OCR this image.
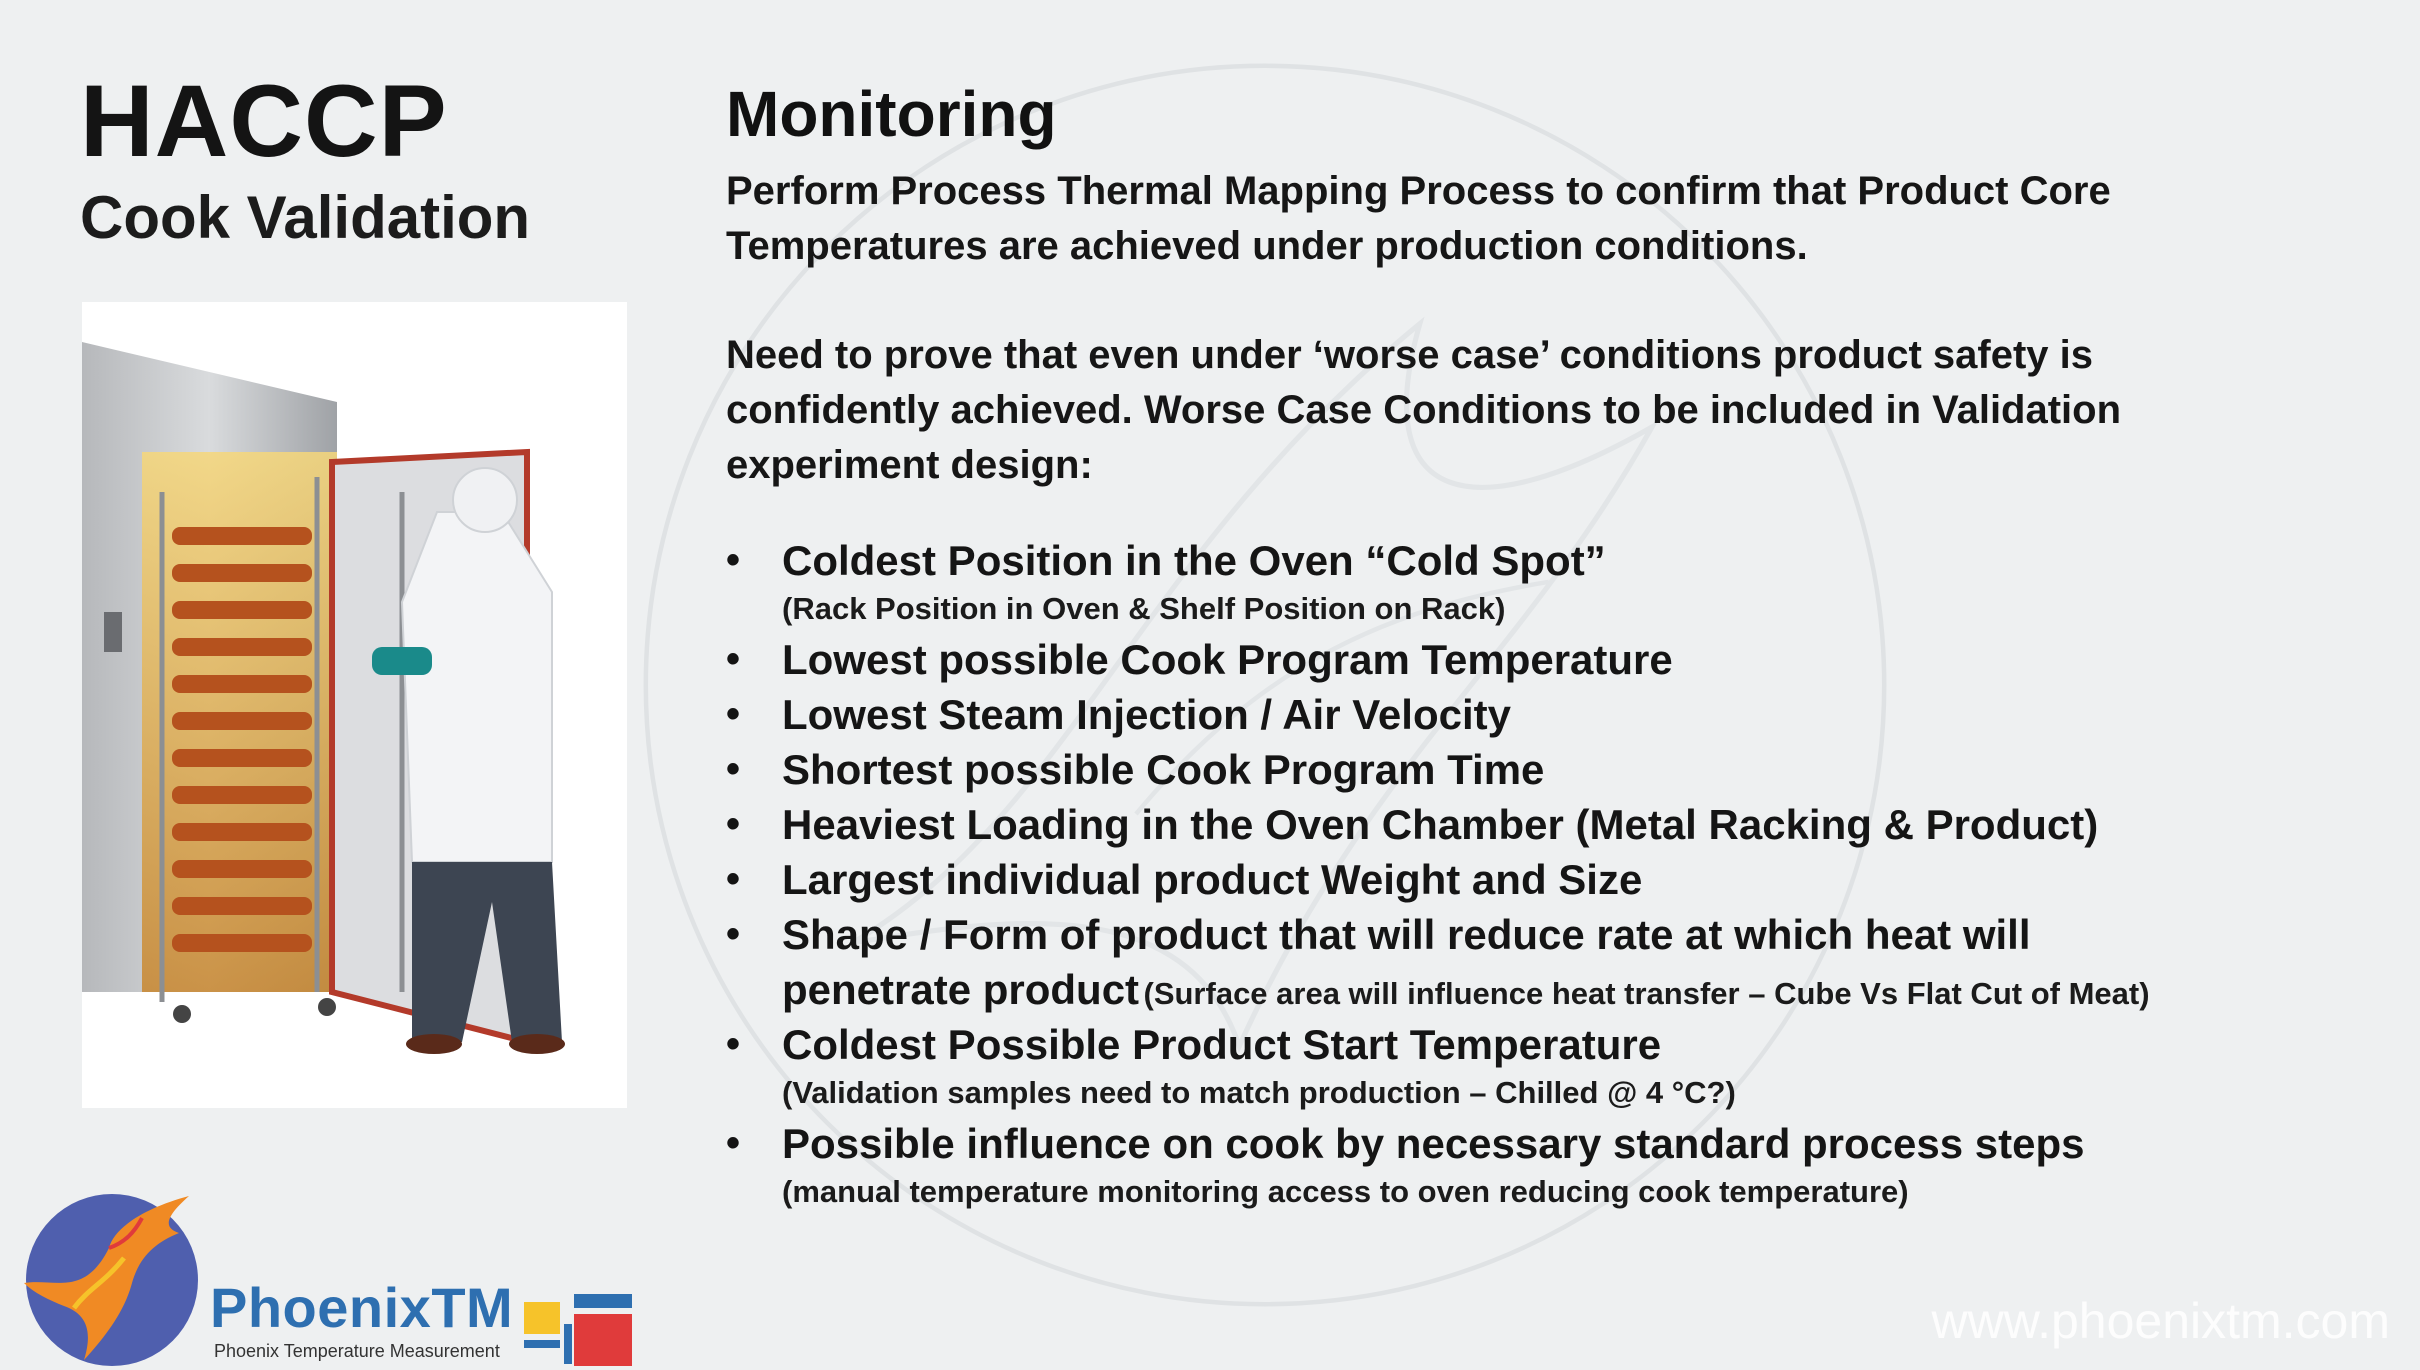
HACCP
Cook Validation
Monitoring

Perform Process Thermal Mapping Process to confirm that Product Core Temperatures are achieved under production conditions.

Need to prove that even under ‘worse case’ conditions product safety is confidently achieved. Worse Case Conditions to be included in Validation experiment design:

• Coldest Position in the Oven “Cold Spot”
(Rack Position in Oven & Shelf Position on Rack)
• Lowest possible Cook Program Temperature
• Lowest Steam Injection / Air Velocity
• Shortest possible Cook Program Time
• Heaviest Loading in the Oven Chamber (Metal Racking & Product)
• Largest individual product Weight and Size
• Shape / Form of product that will reduce rate at which heat will penetrate product (Surface area will influence heat transfer – Cube Vs Flat Cut of Meat)
• Coldest Possible Product Start Temperature
(Validation samples need to match production – Chilled @ 4 °C?)
• Possible influence on cook by necessary standard process steps
(manual temperature monitoring access to oven reducing cook temperature)
PhoenixTM
Phoenix Temperature Measurement
www.phoenixtm.com
